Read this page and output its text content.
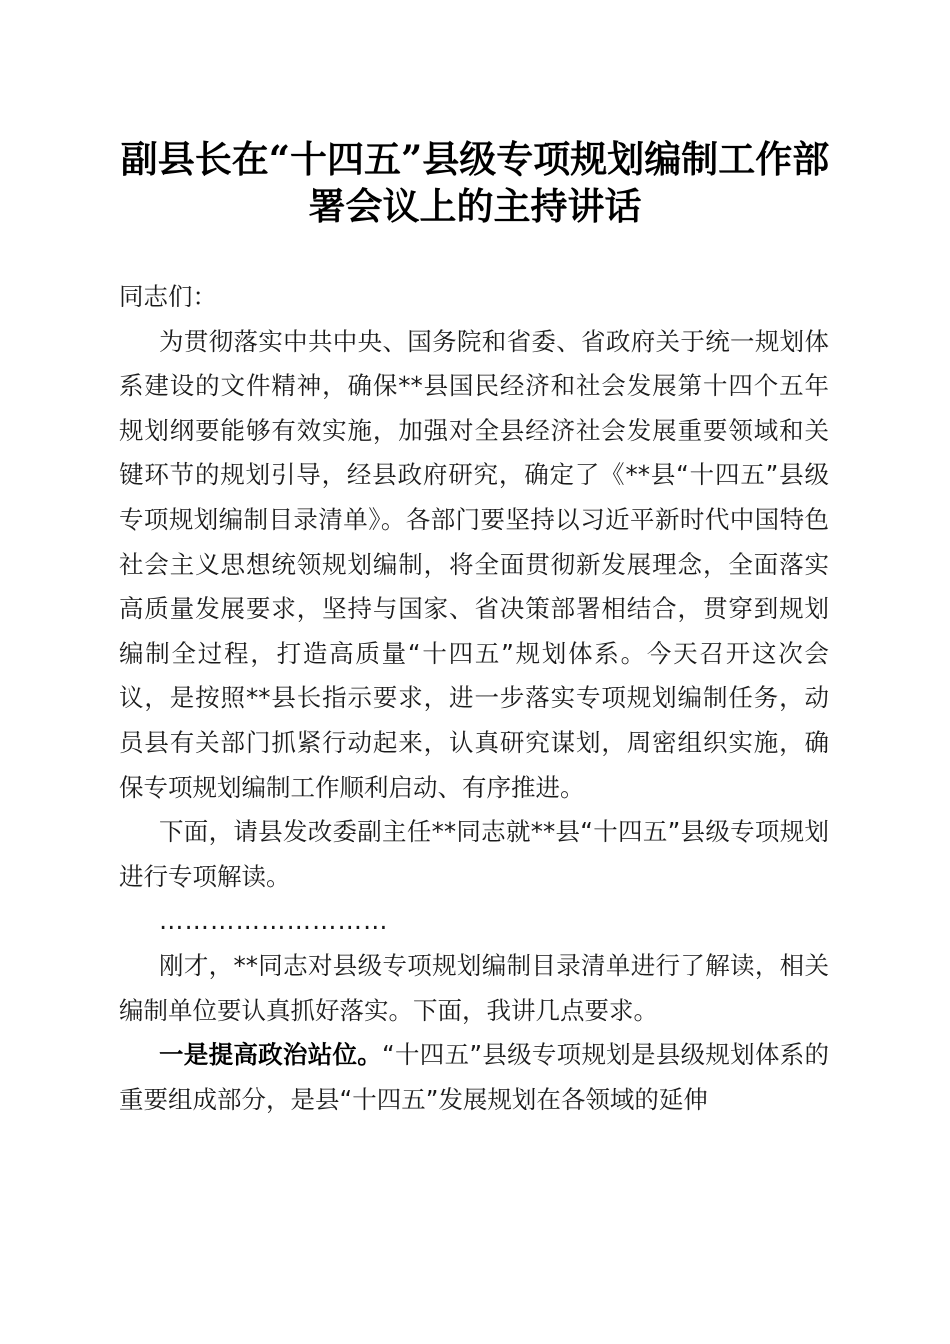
副县长在“十四五”县级专项规划编制工作部
署会议上的主持讲话

同志们：

为贯彻落实中共中央、国务院和省委、省政府关于统一规划体系建设的文件精神，确保**县国民经济和社会发展第十四个五年规划纲要能够有效实施，加强对全县经济社会发展重要领域和关键环节的规划引导，经县政府研究，确定了《**县“十四五”县级专项规划编制目录清单》。各部门要坚持以习近平新时代中国特色社会主义思想统领规划编制，将全面贯彻新发展理念，全面落实高质量发展要求，坚持与国家、省决策部署相结合，贯穿到规划编制全过程，打造高质量“十四五”规划体系。今天召开这次会议，是按照**县长指示要求，进一步落实专项规划编制任务，动员县有关部门抓紧行动起来，认真研究谋划，周密组织实施，确保专项规划编制工作顺利启动、有序推进。

下面，请县发改委副主任**同志就**县“十四五”县级专项规划进行专项解读。

………………………

刚才，**同志对县级专项规划编制目录清单进行了解读，相关编制单位要认真抓好落实。下面，我讲几点要求。

一是提高政治站位。“十四五”县级专项规划是县级规划体系的重要组成部分，是县“十四五”发展规划在各领域的延伸
